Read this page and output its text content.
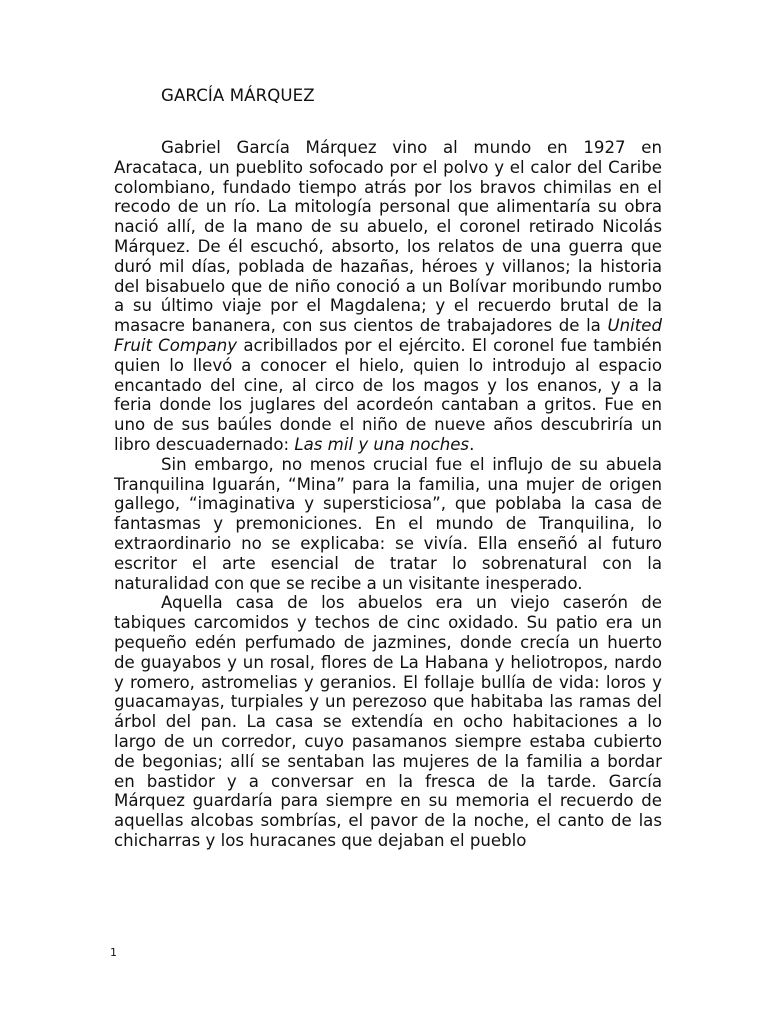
GARCÍA MÁRQUEZ

Gabriel García Márquez vino al mundo en 1927 en Aracataca, un pueblito sofocado por el polvo y el calor del Caribe colombiano, fundado tiempo atrás por los bravos chimilas en el recodo de un río. La mitología personal que alimentaría su obra nació allí, de la mano de su abuelo, el coronel retirado Nicolás Márquez. De él escuchó, absorto, los relatos de una guerra que duró mil días, poblada de hazañas, héroes y villanos; la historia del bisabuelo que de niño conoció a un Bolívar moribundo rumbo a su último viaje por el Magdalena; y el recuerdo brutal de la masacre bananera, con sus cientos de trabajadores de la United Fruit Company acribillados por el ejército. El coronel fue también quien lo llevó a conocer el hielo, quien lo introdujo al espacio encantado del cine, al circo de los magos y los enanos, y a la feria donde los juglares del acordeón cantaban a gritos. Fue en uno de sus baúles donde el niño de nueve años descubriría un libro descuadernado: Las mil y una noches.

Sin embargo, no menos crucial fue el influjo de su abuela Tranquilina Iguarán, “Mina” para la familia, una mujer de origen gallego, “imaginativa y supersticiosa”, que poblaba la casa de fantasmas y premoniciones. En el mundo de Tranquilina, lo extraordinario no se explicaba: se vivía. Ella enseñó al futuro escritor el arte esencial de tratar lo sobrenatural con la naturalidad con que se recibe a un visitante inesperado.

Aquella casa de los abuelos era un viejo caserón de tabiques carcomidos y techos de cinc oxidado. Su patio era un pequeño edén perfumado de jazmines, donde crecía un huerto de guayabos y un rosal, flores de La Habana y heliotropos, nardo y romero, astromelias y geranios. El follaje bullía de vida: loros y guacamayas, turpiales y un perezoso que habitaba las ramas del árbol del pan. La casa se extendía en ocho habitaciones a lo largo de un corredor, cuyo pasamanos siempre estaba cubierto de begonias; allí se sentaban las mujeres de la familia a bordar en bastidor y a conversar en la fresca de la tarde. García Márquez guardaría para siempre en su memoria el recuerdo de aquellas alcobas sombrías, el pavor de la noche, el canto de las chicharras y los huracanes que dejaban el pueblo

1
